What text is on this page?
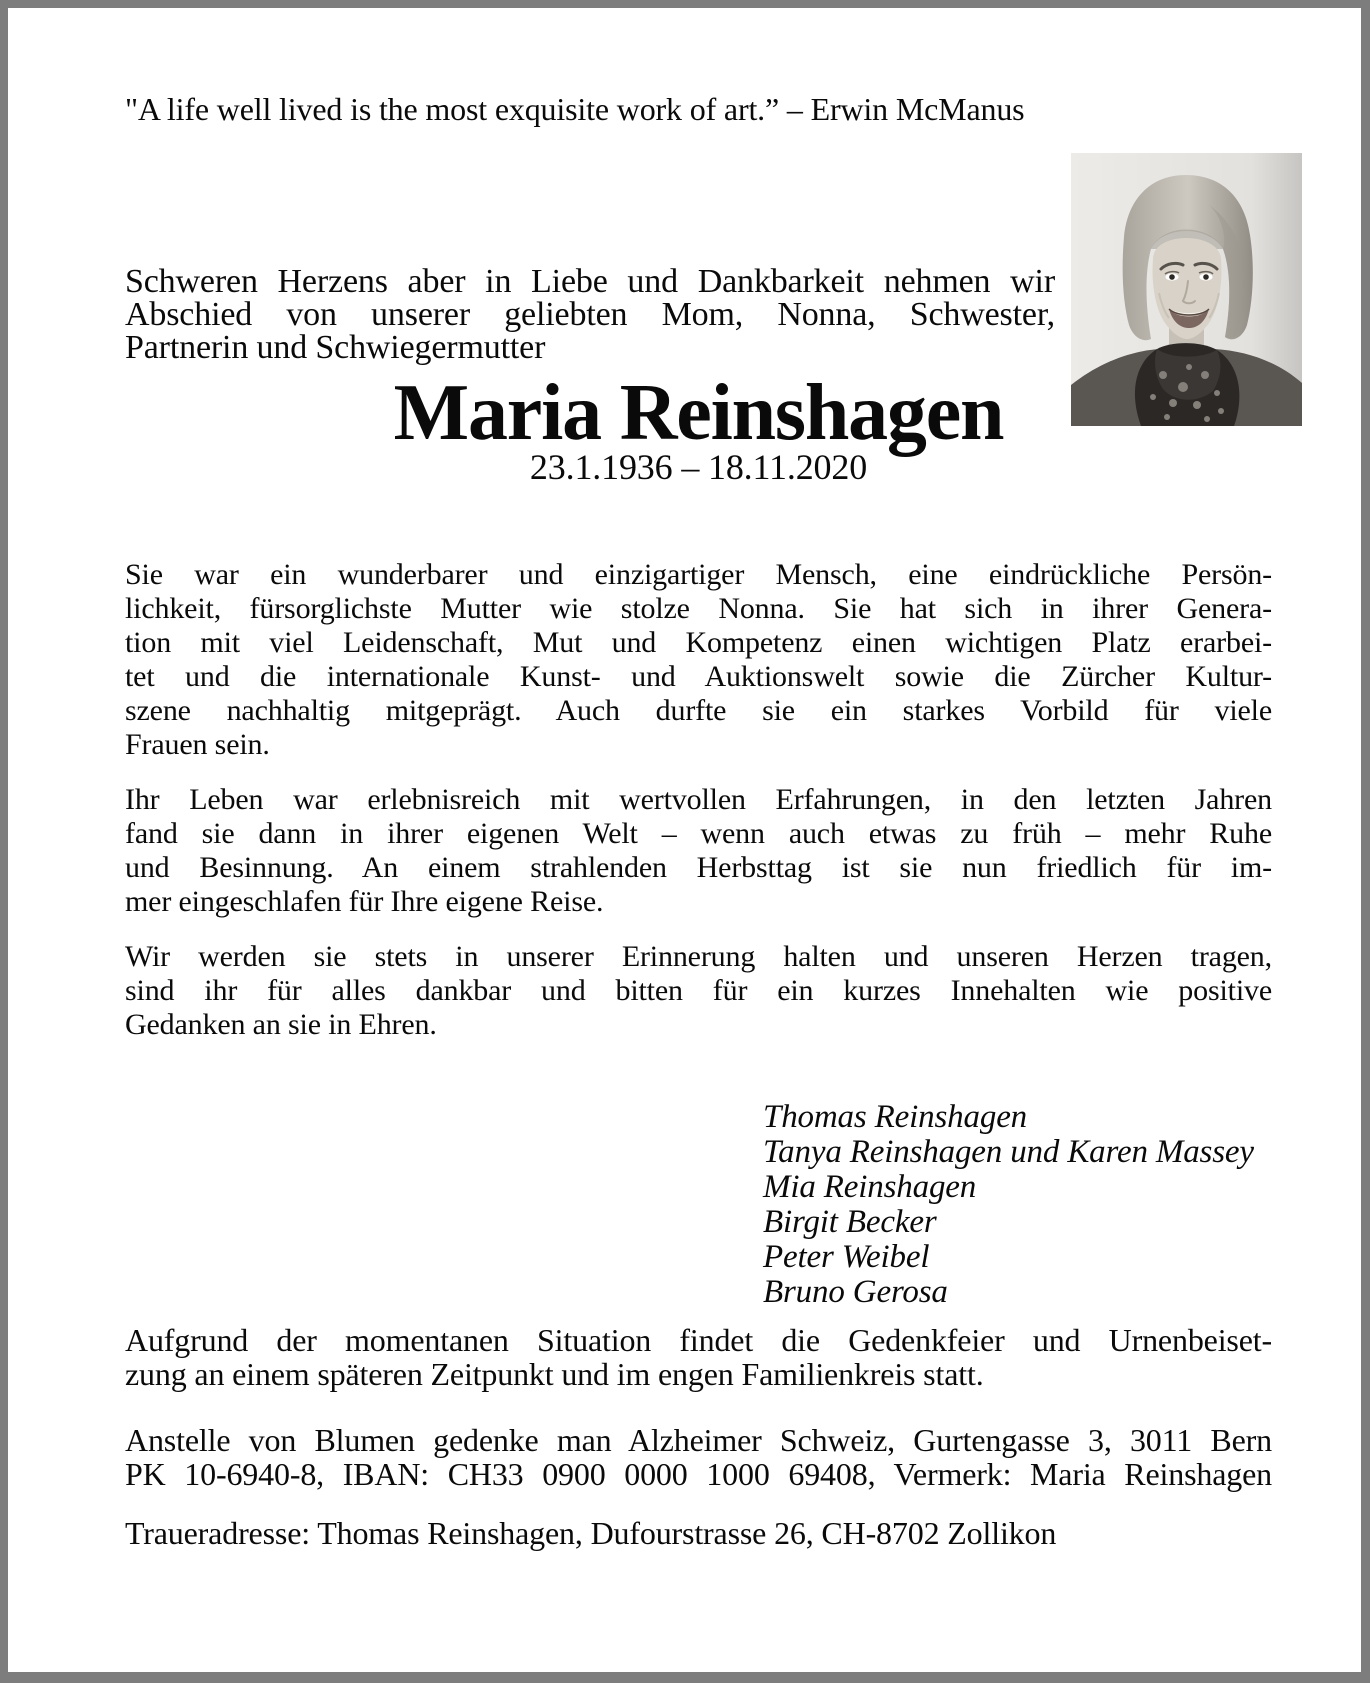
"A life well lived is the most exquisite work of art.” – Erwin McManus
Schweren Herzens aber in Liebe und Dankbarkeit nehmen wir
Abschied von unserer geliebten Mom, Nonna, Schwester,
Partnerin und Schwiegermutter
Maria Reinshagen
23.1.1936 – 18.11.2020
Sie war ein wunderbarer und einzigartiger Mensch, eine eindrückliche Persön-
lichkeit, fürsorglichste Mutter wie stolze Nonna. Sie hat sich in ihrer Genera-
tion mit viel Leidenschaft, Mut und Kompetenz einen wichtigen Platz erarbei-
tet und die internationale Kunst- und Auktionswelt sowie die Zürcher Kultur-
szene nachhaltig mitgeprägt. Auch durfte sie ein starkes Vorbild für viele
Frauen sein.
Ihr Leben war erlebnisreich mit wertvollen Erfahrungen, in den letzten Jahren
fand sie dann in ihrer eigenen Welt – wenn auch etwas zu früh – mehr Ruhe
und Besinnung. An einem strahlenden Herbsttag ist sie nun friedlich für im-
mer eingeschlafen für Ihre eigene Reise.
Wir werden sie stets in unserer Erinnerung halten und unseren Herzen tragen,
sind ihr für alles dankbar und bitten für ein kurzes Innehalten wie positive
Gedanken an sie in Ehren.
Thomas Reinshagen
Tanya Reinshagen und Karen Massey
Mia Reinshagen
Birgit Becker
Peter Weibel
Bruno Gerosa
Aufgrund der momentanen Situation findet die Gedenkfeier und Urnenbeiset-
zung an einem späteren Zeitpunkt und im engen Familienkreis statt.
Anstelle von Blumen gedenke man Alzheimer Schweiz, Gurtengasse 3, 3011 Bern
PK 10-6940-8, IBAN: CH33 0900 0000 1000 69408, Vermerk: Maria Reinshagen
Traueradresse: Thomas Reinshagen, Dufourstrasse 26, CH-8702 Zollikon
